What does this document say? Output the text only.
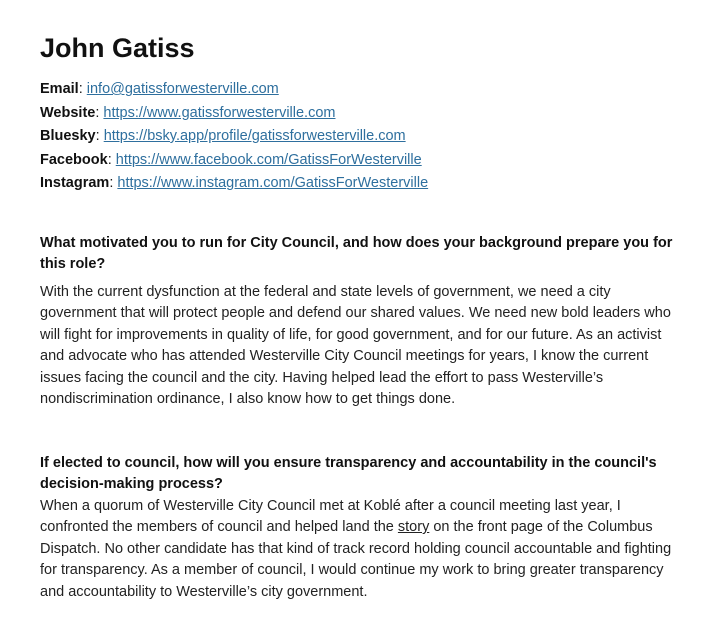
John Gatiss
Email: info@gatissforwesterville.com
Website: https://www.gatissforwesterville.com
Bluesky: https://bsky.app/profile/gatissforwesterville.com
Facebook: https://www.facebook.com/GatissForWesterville
Instagram: https://www.instagram.com/GatissForWesterville
What motivated you to run for City Council, and how does your background prepare you for this role?
With the current dysfunction at the federal and state levels of government, we need a city government that will protect people and defend our shared values. We need new bold leaders who will fight for improvements in quality of life, for good government, and for our future. As an activist and advocate who has attended Westerville City Council meetings for years, I know the current issues facing the council and the city. Having helped lead the effort to pass Westerville’s nondiscrimination ordinance, I also know how to get things done.
If elected to council, how will you ensure transparency and accountability in the council's decision-making process?
When a quorum of Westerville City Council met at Koblé after a council meeting last year, I confronted the members of council and helped land the story on the front page of the Columbus Dispatch. No other candidate has that kind of track record holding council accountable and fighting for transparency. As a member of council, I would continue my work to bring greater transparency and accountability to Westerville’s city government.
